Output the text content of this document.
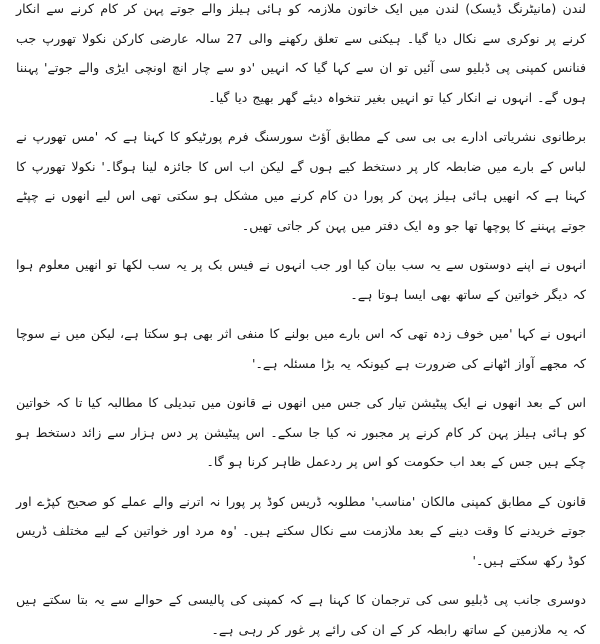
لندن (مانیٹرنگ ڈیسک) لندن میں ایک خاتون ملازمہ کو ہائی ہیلز والے جوتے پہن کر کام کرنے سے انکار کرنے پر نوکری سے نکال دیا گیا۔ ہیکنی سے تعلق رکھنے والی 27 سالہ عارضی کارکن نکولا تھورپ جب فنانس کمپنی پی ڈبلیو سی آئیں تو ان سے کہا گیا کہ انہیں 'دو سے چار انچ اونچی ایڑی والے جوتے' پہننا ہوں گے۔ انہوں نے انکار کیا تو انہیں بغیر تنخواہ دیئے گھر بھیج دیا گیا۔

برطانوی نشریاتی ادارے بی بی سی کے مطابق آؤٹ سورسنگ فرم پورٹیکو کا کہنا ہے کہ 'مس تھورپ نے لباس کے بارے میں ضابطہ کار پر دستخط کیے ہوں گے لیکن اب اس کا جائزہ لینا ہوگا۔' نکولا تھورپ کا کہنا ہے کہ انھیں ہائی ہیلز پہن کر پورا دن کام کرنے میں مشکل ہو سکتی تھی اس لیے انھوں نے چپٹے جوتے پہننے کا پوچھا تھا جو وہ ایک دفتر میں پہن کر جاتی تھیں۔

انہوں نے اپنے دوستوں سے یہ سب بیان کیا اور جب انہوں نے فیس بک پر یہ سب لکھا تو انھیں معلوم ہوا کہ دیگر خواتین کے ساتھ بھی ایسا ہوتا ہے۔

انہوں نے کہا 'میں خوف زدہ تھی کہ اس بارے میں بولنے کا منفی اثر بھی ہو سکتا ہے، لیکن میں نے سوچا کہ مجھے آواز اٹھانے کی ضرورت ہے کیونکہ یہ بڑا مسئلہ ہے۔'

اس کے بعد انھوں نے ایک پیٹیشن تیار کی جس میں انھوں نے قانون میں تبدیلی کا مطالبہ کیا تا کہ خواتین کو ہائی ہیلز پہن کر کام کرنے پر مجبور نہ کیا جا سکے۔ اس پیٹیشن پر دس ہزار سے زائد دستخط ہو چکے ہیں جس کے بعد اب حکومت کو اس پر ردعمل ظاہر کرنا ہو گا۔

قانون کے مطابق کمپنی مالکان 'مناسب' مطلوبہ ڈریس کوڈ پر پورا نہ اترنے والے عملے کو صحیح کپڑے اور جوتے خریدنے کا وقت دینے کے بعد ملازمت سے نکال سکتے ہیں۔ 'وہ مرد اور خواتین کے لیے مختلف ڈریس کوڈ رکھ سکتے ہیں۔'

دوسری جانب پی ڈبلیو سی کی ترجمان کا کہنا ہے کہ کمپنی کی پالیسی کے حوالے سے یہ بتا سکتے ہیں کہ یہ ملازمین کے ساتھ رابطہ کر کے ان کی رائے پر غور کر رہی ہے۔
